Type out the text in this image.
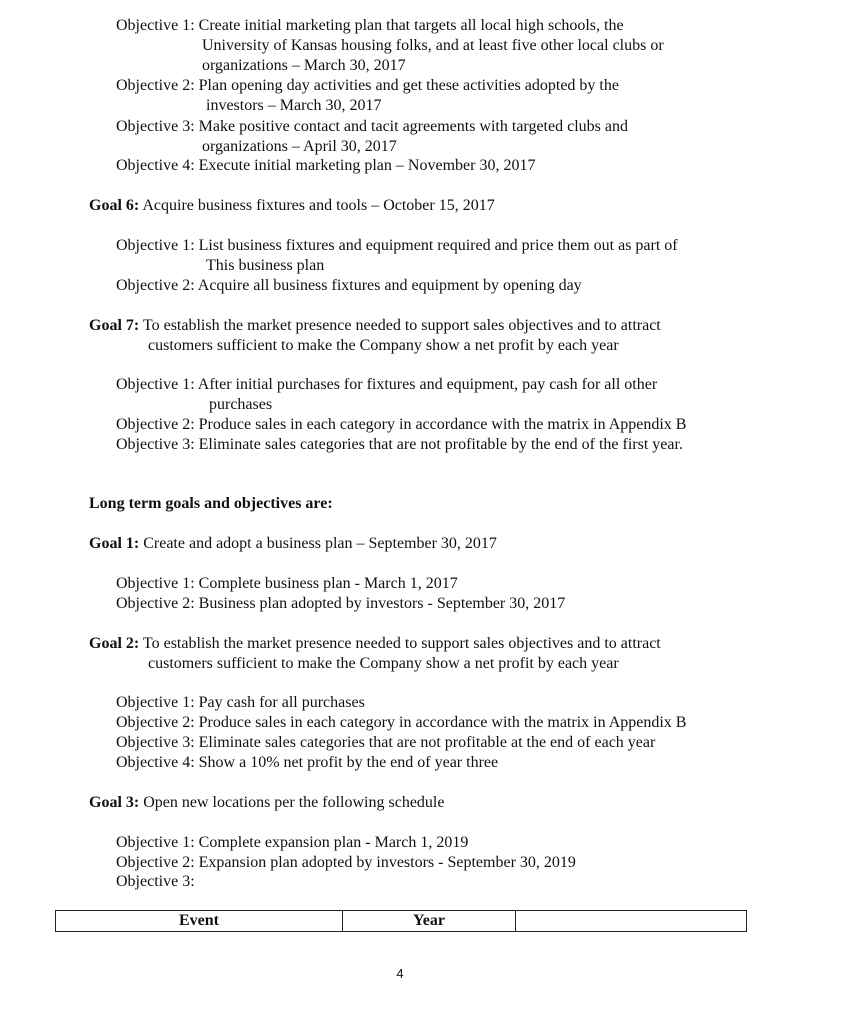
Objective 1: Create initial marketing plan that targets all local high schools, the
University of Kansas housing folks, and at least five other local clubs or
organizations – March 30, 2017
Objective 2: Plan opening day activities and get these activities adopted by the
investors – March 30, 2017
Objective 3: Make positive contact and tacit agreements with targeted clubs and
organizations – April 30, 2017
Objective 4: Execute initial marketing plan – November 30, 2017
Goal 6: Acquire business fixtures and tools – October 15, 2017
Objective 1: List business fixtures and equipment required and price them out as part of
This business plan
Objective 2: Acquire all business fixtures and equipment by opening day
Goal 7: To establish the market presence needed to support sales objectives and to attract
customers sufficient to make the Company show a net profit by each year
Objective 1: After initial purchases for fixtures and equipment, pay cash for all other
purchases
Objective 2: Produce sales in each category in accordance with the matrix in Appendix B
Objective 3: Eliminate sales categories that are not profitable by the end of the first year.
Long term goals and objectives are:
Goal 1: Create and adopt a business plan – September 30, 2017
Objective 1: Complete business plan - March 1, 2017
Objective 2: Business plan adopted by investors - September 30, 2017
Goal 2: To establish the market presence needed to support sales objectives and to attract
customers sufficient to make the Company show a net profit by each year
Objective 1: Pay cash for all purchases
Objective 2: Produce sales in each category in accordance with the matrix in Appendix B
Objective 3: Eliminate sales categories that are not profitable at the end of each year
Objective 4: Show a 10% net profit by the end of year three
Goal 3: Open new locations per the following schedule
Objective 1: Complete expansion plan - March 1, 2019
Objective 2: Expansion plan adopted by investors - September 30, 2019
Objective 3:
Event	Year	
4
